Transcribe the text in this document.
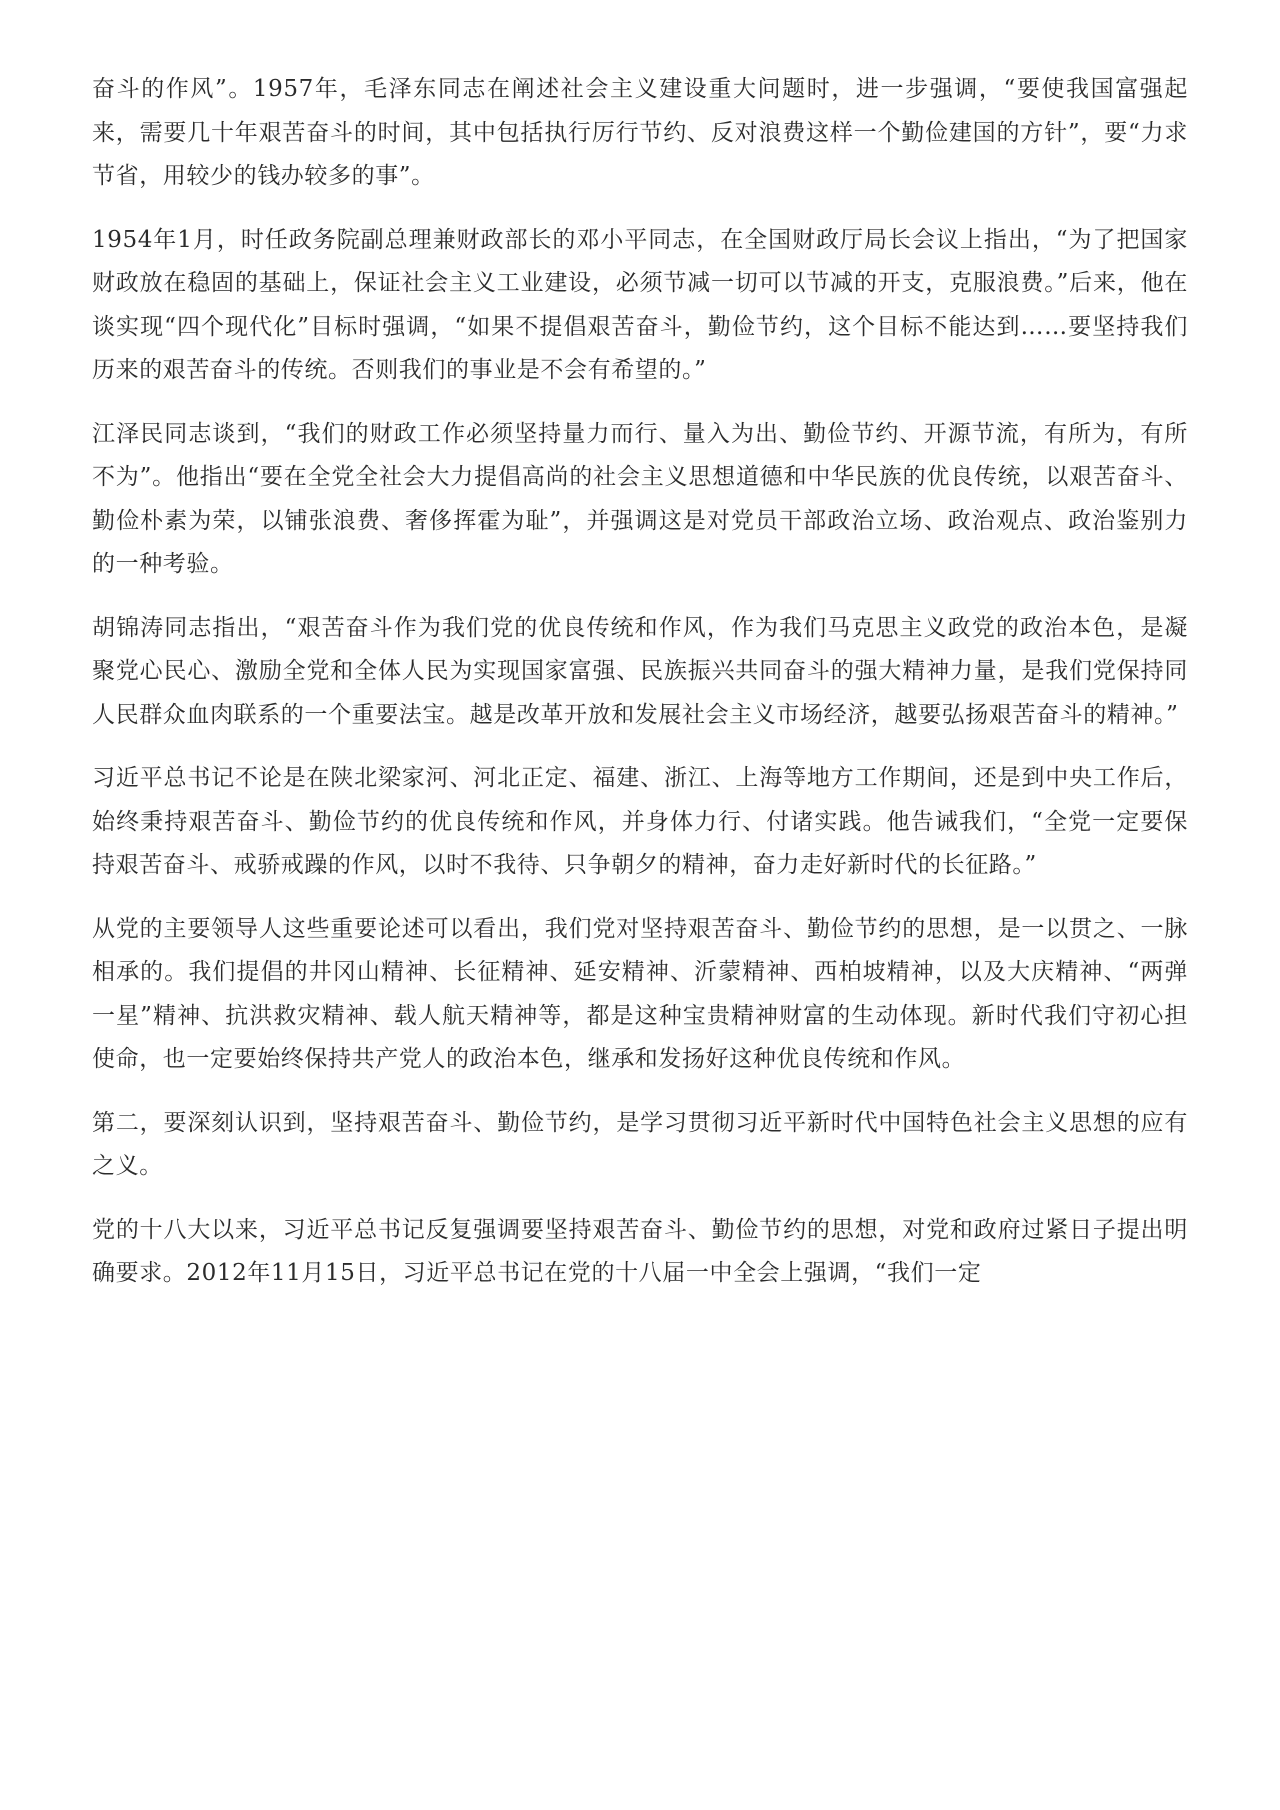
奋斗的作风”。1957年，毛泽东同志在阐述社会主义建设重大问题时，进一步强调，“要使我国富强起来，需要几十年艰苦奋斗的时间，其中包括执行厉行节约、反对浪费这样一个勤俭建国的方针”，要“力求节省，用较少的钱办较多的事”。

1954年1月，时任政务院副总理兼财政部长的邓小平同志，在全国财政厅局长会议上指出，“为了把国家财政放在稳固的基础上，保证社会主义工业建设，必须节减一切可以节减的开支，克服浪费。”后来，他在谈实现“四个现代化”目标时强调，“如果不提倡艰苦奋斗，勤俭节约，这个目标不能达到……要坚持我们历来的艰苦奋斗的传统。否则我们的事业是不会有希望的。”

江泽民同志谈到，“我们的财政工作必须坚持量力而行、量入为出、勤俭节约、开源节流，有所为，有所不为”。他指出“要在全党全社会大力提倡高尚的社会主义思想道德和中华民族的优良传统，以艰苦奋斗、勤俭朴素为荣，以铺张浪费、奢侈挥霍为耻”，并强调这是对党员干部政治立场、政治观点、政治鉴别力的一种考验。

胡锦涛同志指出，“艰苦奋斗作为我们党的优良传统和作风，作为我们马克思主义政党的政治本色，是凝聚党心民心、激励全党和全体人民为实现国家富强、民族振兴共同奋斗的强大精神力量，是我们党保持同人民群众血肉联系的一个重要法宝。越是改革开放和发展社会主义市场经济，越要弘扬艰苦奋斗的精神。”

习近平总书记不论是在陕北梁家河、河北正定、福建、浙江、上海等地方工作期间，还是到中央工作后，始终秉持艰苦奋斗、勤俭节约的优良传统和作风，并身体力行、付诸实践。他告诫我们，“全党一定要保持艰苦奋斗、戒骄戒躁的作风，以时不我待、只争朝夕的精神，奋力走好新时代的长征路。”

从党的主要领导人这些重要论述可以看出，我们党对坚持艰苦奋斗、勤俭节约的思想，是一以贯之、一脉相承的。我们提倡的井冈山精神、长征精神、延安精神、沂蒙精神、西柏坡精神，以及大庆精神、“两弹一星”精神、抗洪救灾精神、载人航天精神等，都是这种宝贵精神财富的生动体现。新时代我们守初心担使命，也一定要始终保持共产党人的政治本色，继承和发扬好这种优良传统和作风。

第二，要深刻认识到，坚持艰苦奋斗、勤俭节约，是学习贯彻习近平新时代中国特色社会主义思想的应有之义。

党的十八大以来，习近平总书记反复强调要坚持艰苦奋斗、勤俭节约的思想，对党和政府过紧日子提出明确要求。2012年11月15日，习近平总书记在党的十八届一中全会上强调，“我们一定
